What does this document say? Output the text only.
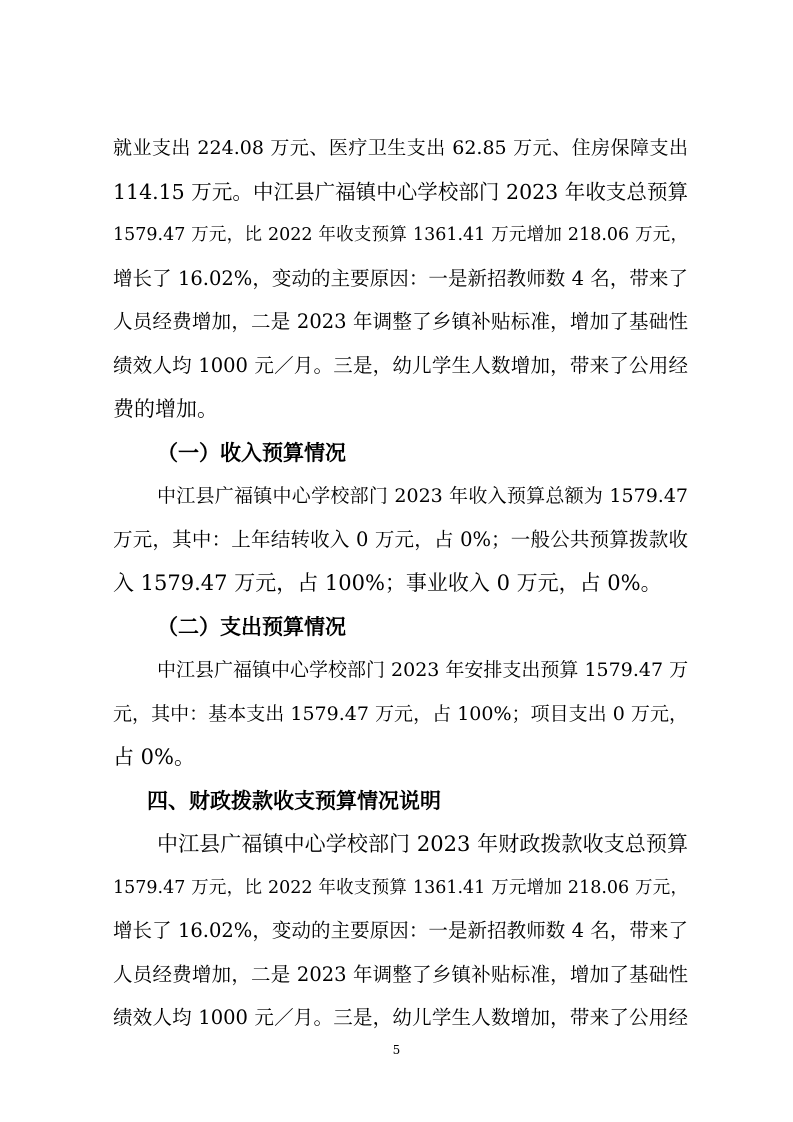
就业支出 224.08 万元、医疗卫生支出 62.85 万元、住房保障支出

114.15 万元。中江县广福镇中心学校部门 2023 年收支总预算

1579.47 万元，比 2022 年收支预算 1361.41 万元增加 218.06 万元，

增长了 16.02%，变动的主要原因：一是新招教师数 4 名，带来了

人员经费增加，二是 2023 年调整了乡镇补贴标准，增加了基础性

绩效人均 1000 元／月。三是，幼儿学生人数增加，带来了公用经

费的增加。

（一）收入预算情况

中江县广福镇中心学校部门 2023 年收入预算总额为 1579.47

万元，其中：上年结转收入 0 万元，占 0%；一般公共预算拨款收

入 1579.47 万元，占 100%；事业收入 0 万元，占 0%。

（二）支出预算情况

中江县广福镇中心学校部门 2023 年安排支出预算 1579.47 万

元，其中：基本支出 1579.47 万元，占 100%；项目支出 0 万元，

占 0%。

四、财政拨款收支预算情况说明

中江县广福镇中心学校部门 2023 年财政拨款收支总预算

1579.47 万元，比 2022 年收支预算 1361.41 万元增加 218.06 万元，

增长了 16.02%，变动的主要原因：一是新招教师数 4 名，带来了

人员经费增加，二是 2023 年调整了乡镇补贴标准，增加了基础性

绩效人均 1000 元／月。三是，幼儿学生人数增加，带来了公用经

5
